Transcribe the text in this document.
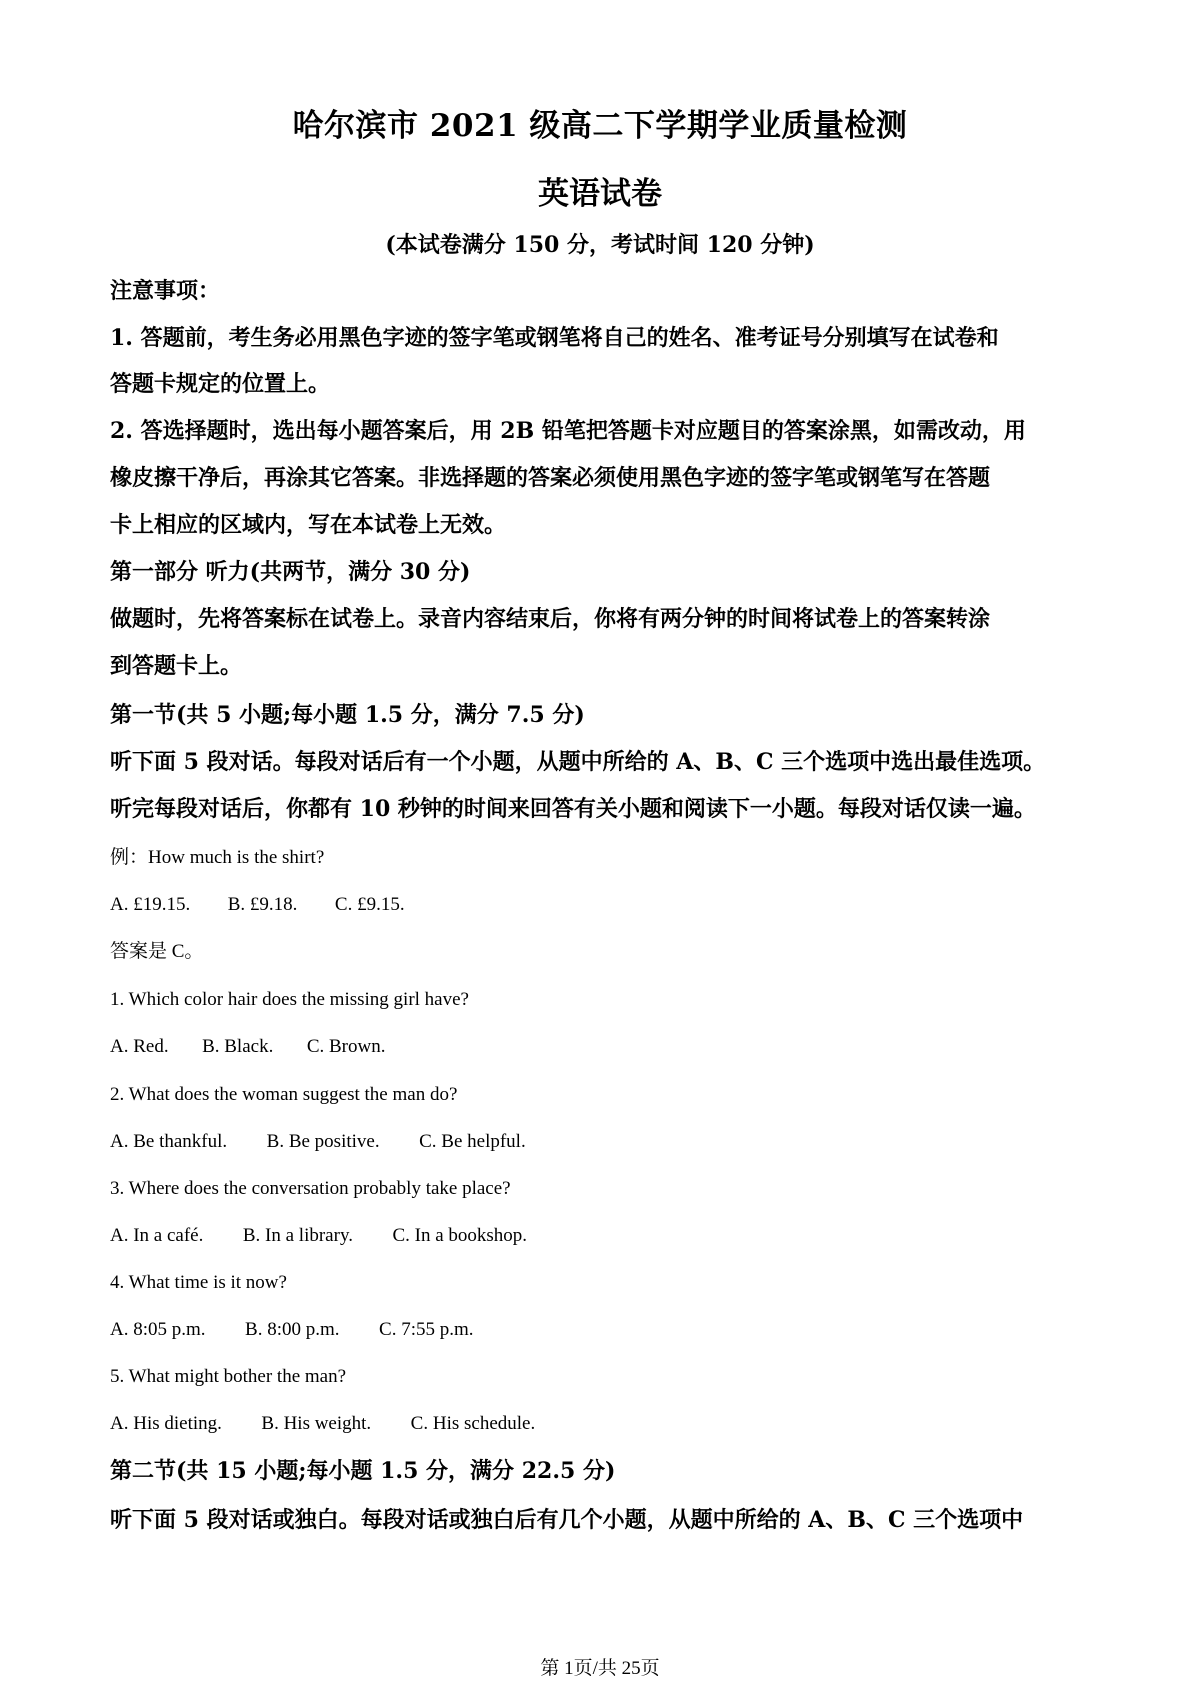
哈尔滨市 2021 级高二下学期学业质量检测
英语试卷
(本试卷满分 150 分，考试时间 120 分钟)

注意事项：

1. 答题前，考生务必用黑色字迹的签字笔或钢笔将自己的姓名、准考证号分别填写在试卷和

答题卡规定的位置上。

2. 答选择题时，选出每小题答案后，用 2B 铅笔把答题卡对应题目的答案涂黑，如需改动，用

橡皮擦干净后，再涂其它答案。非选择题的答案必须使用黑色字迹的签字笔或钢笔写在答题

卡上相应的区域内，写在本试卷上无效。

第一部分 听力(共两节，满分 30 分)

做题时，先将答案标在试卷上。录音内容结束后，你将有两分钟的时间将试卷上的答案转涂

到答题卡上。

第一节(共 5 小题;每小题 1.5 分，满分 7.5 分)

听下面 5 段对话。每段对话后有一个小题，从题中所给的 A、B、C 三个选项中选出最佳选项。

听完每段对话后，你都有 10 秒钟的时间来回答有关小题和阅读下一小题。每段对话仅读一遍。

例：How much is the shirt?

A. £19.15. B. £9.18. C. £9.15.

答案是 C。

1. Which color hair does the missing girl have?

A. Red. B. Black. C. Brown.

2. What does the woman suggest the man do?

A. Be thankful. B. Be positive. C. Be helpful.

3. Where does the conversation probably take place?

A. In a café. B. In a library. C. In a bookshop.

4. What time is it now?

A. 8:05 p.m. B. 8:00 p.m. C. 7:55 p.m.

5. What might bother the man?

A. His dieting. B. His weight. C. His schedule.

第二节(共 15 小题;每小题 1.5 分，满分 22.5 分)

听下面 5 段对话或独白。每段对话或独白后有几个小题，从题中所给的 A、B、C 三个选项中

第 1页/共 25页
